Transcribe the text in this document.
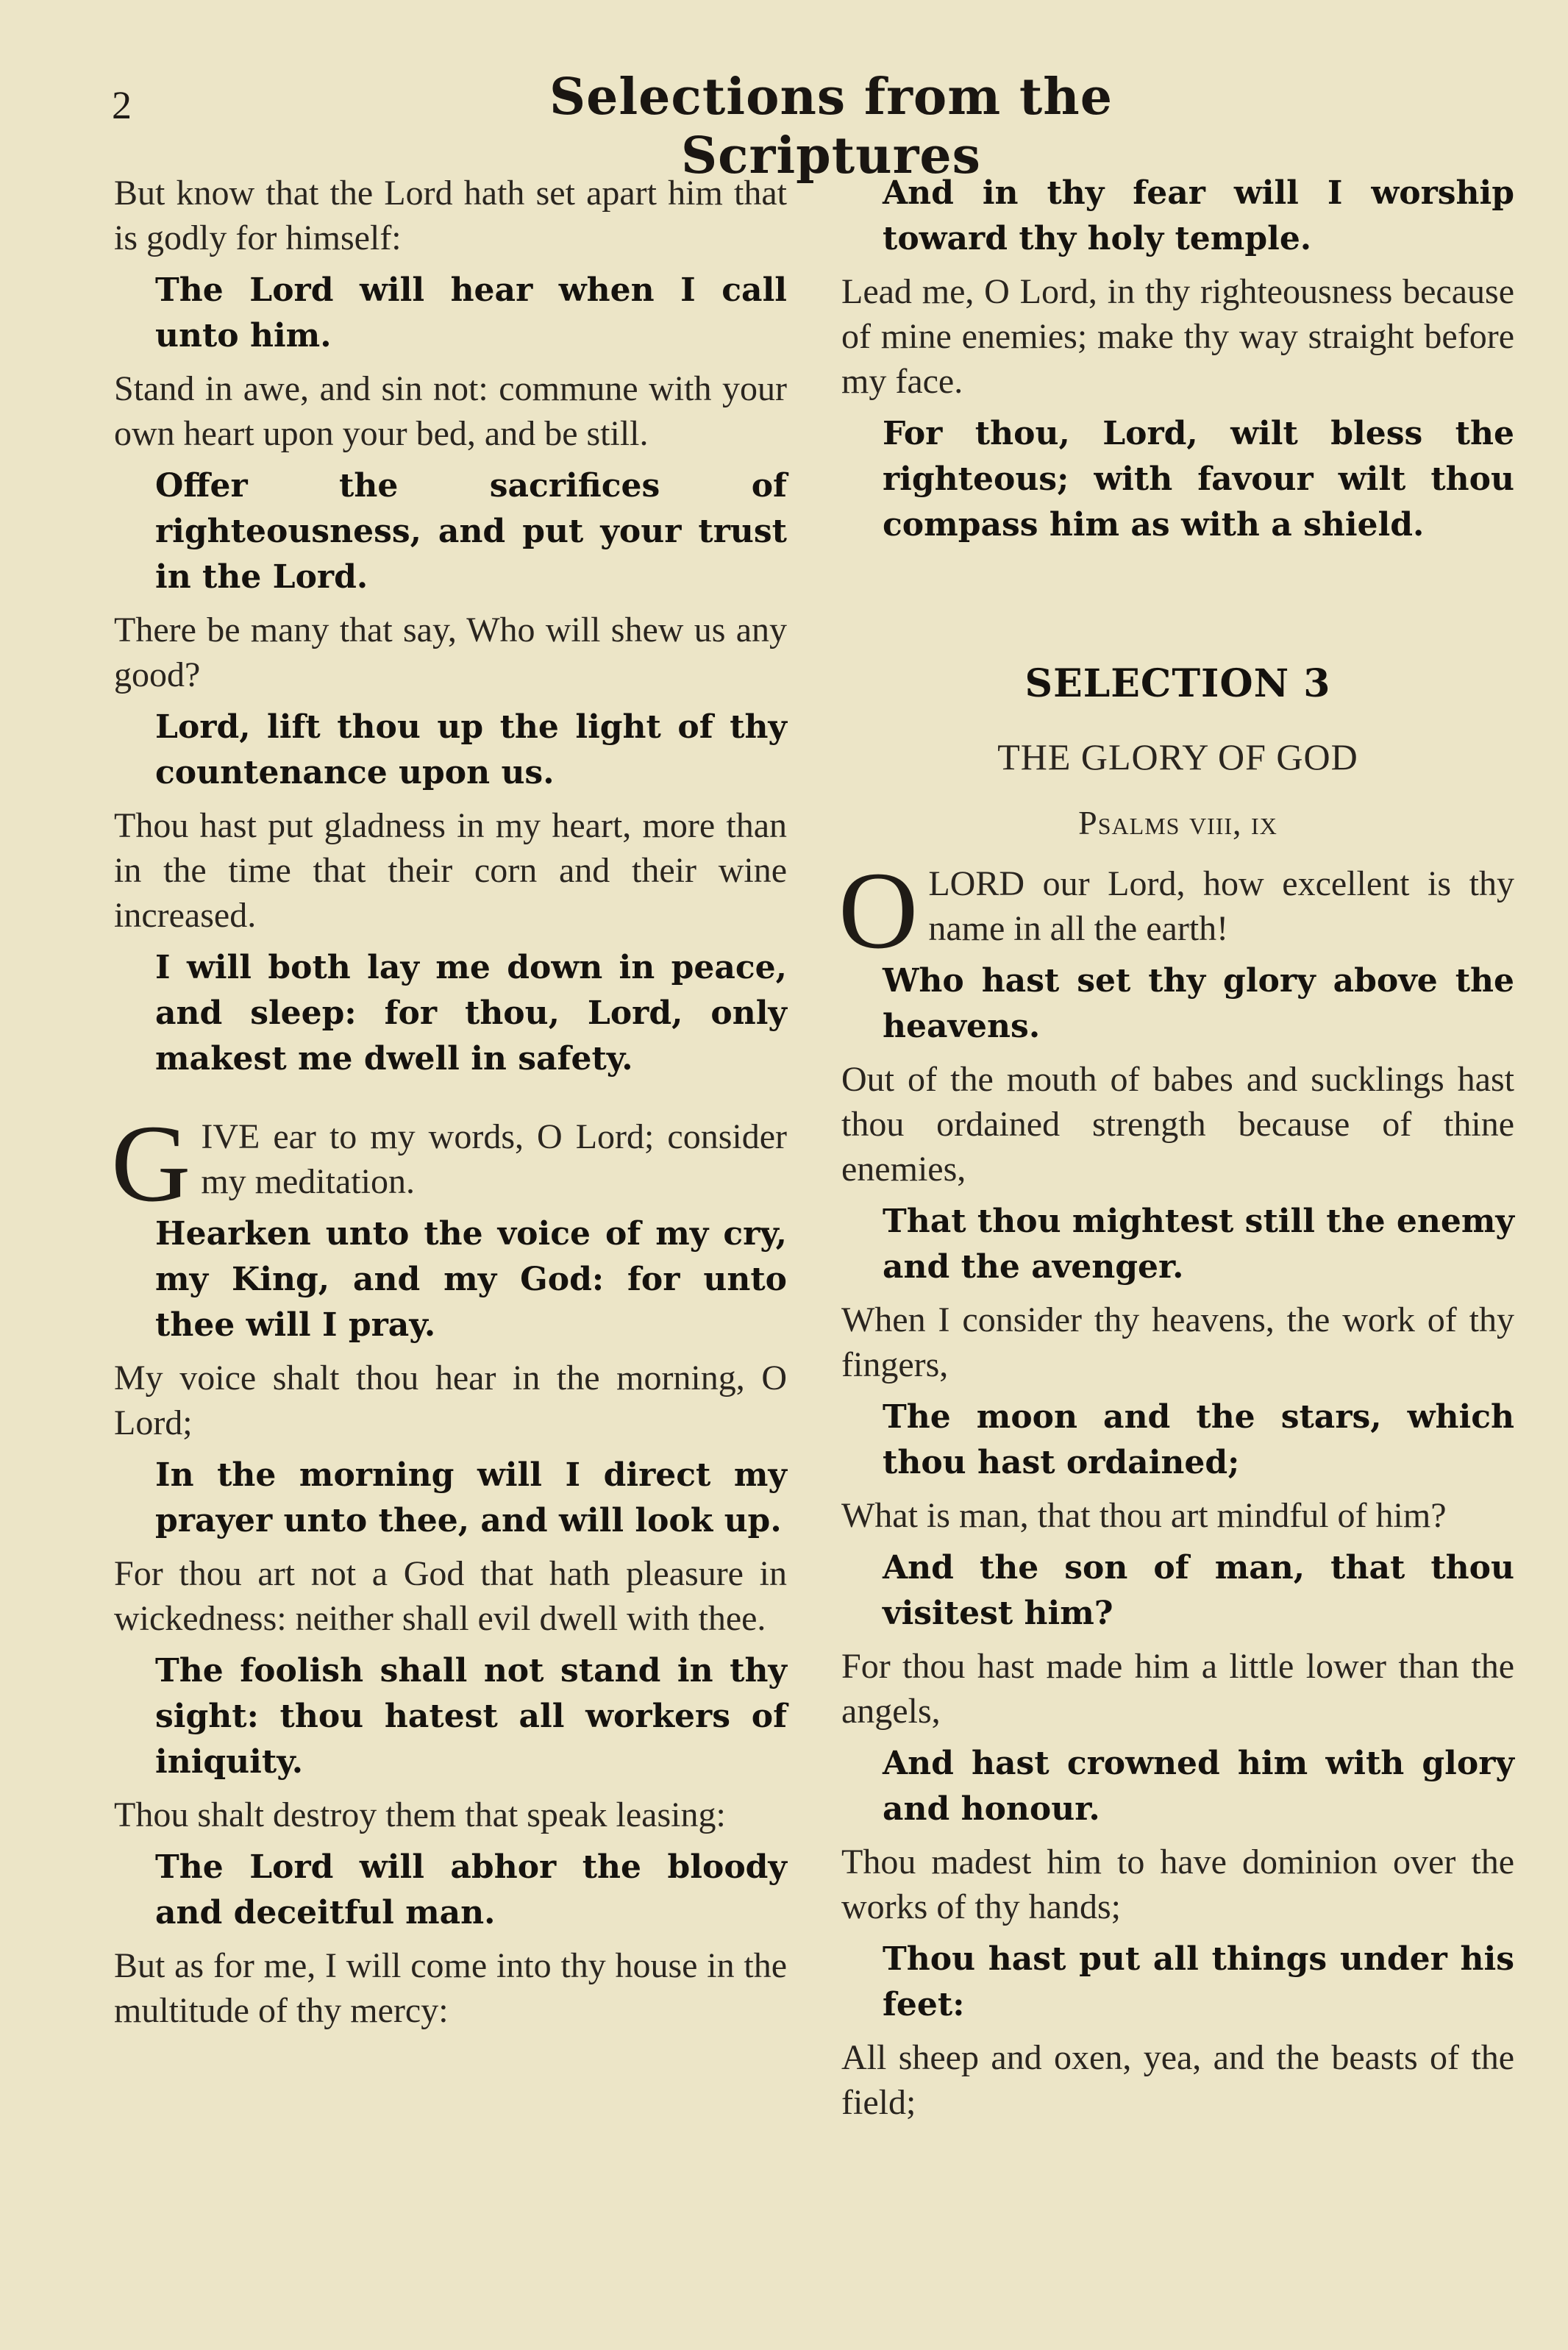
2	Selections from the Scriptures

But know that the Lord hath set apart him that is godly for himself:

The Lord will hear when I call unto him.

Stand in awe, and sin not: commune with your own heart upon your bed, and be still.

Offer the sacrifices of righteousness, and put your trust in the Lord.

There be many that say, Who will shew us any good?

Lord, lift thou up the light of thy countenance upon us.

Thou hast put gladness in my heart, more than in the time that their corn and their wine increased.

I will both lay me down in peace, and sleep: for thou, Lord, only makest me dwell in safety.

G IVE ear to my words, O Lord; consider my meditation.

Hearken unto the voice of my cry, my King, and my God: for unto thee will I pray.

My voice shalt thou hear in the morning, O Lord;

In the morning will I direct my prayer unto thee, and will look up.

For thou art not a God that hath pleasure in wickedness: neither shall evil dwell with thee.

The foolish shall not stand in thy sight: thou hatest all workers of iniquity.

Thou shalt destroy them that speak leasing:

The Lord will abhor the bloody and deceitful man.

But as for me, I will come into thy house in the multitude of thy mercy:

And in thy fear will I worship toward thy holy temple.

Lead me, O Lord, in thy righteousness because of mine enemies; make thy way straight before my face.

For thou, Lord, wilt bless the righteous; with favour wilt thou compass him as with a shield.

SELECTION 3
THE GLORY OF GOD
Psalms viii, ix
O LORD our Lord, how excellent is thy name in all the earth!

Who hast set thy glory above the heavens.

Out of the mouth of babes and sucklings hast thou ordained strength because of thine enemies,

That thou mightest still the enemy and the avenger.

When I consider thy heavens, the work of thy fingers,

The moon and the stars, which thou hast ordained;

What is man, that thou art mindful of him?

And the son of man, that thou visitest him?

For thou hast made him a little lower than the angels,

And hast crowned him with glory and honour.

Thou madest him to have dominion over the works of thy hands;

Thou hast put all things under his feet:

All sheep and oxen, yea, and the beasts of the field;
